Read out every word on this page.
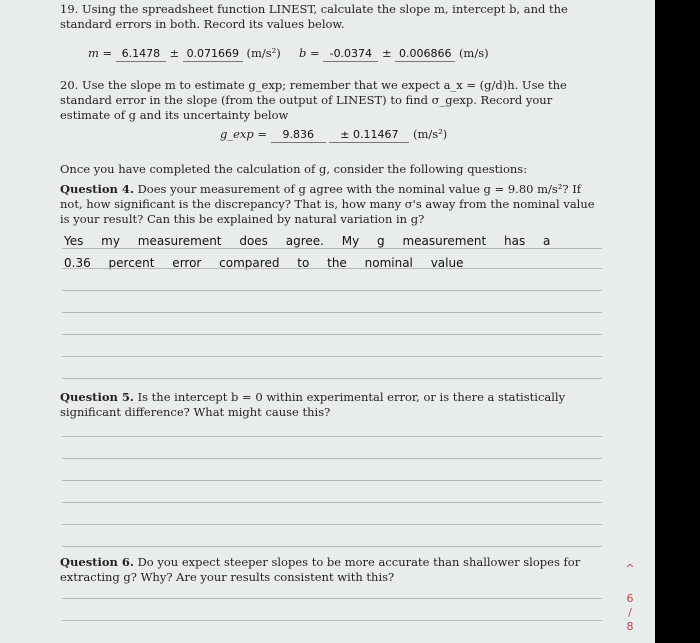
19. Using the spreadsheet function LINEST, calculate the slope m, intercept b, and the standard errors in both. Record its values below.
m = 6.1478 ± 0.071669 (m/s²) b = -0.0374 ± 0.006866 (m/s)
20. Use the slope m to estimate g_exp; remember that we expect a_x = (g/d)h. Use the standard error in the slope (from the output of LINEST) to find σ_gexp. Record your estimate of g and its uncertainty below
g_exp = 9.836 ± 0.11467 (m/s²)
Once you have completed the calculation of g, consider the following questions:
Question 4. Does your measurement of g agree with the nominal value g = 9.80 m/s²? If not, how significant is the discrepancy? That is, how many σ's away from the nominal value is your result? Can this be explained by natural variation in g?
Yes my measurement does agree. My g measurement has a
0.36 percent error compared to the nominal value
Question 5. Is the intercept b = 0 within experimental error, or is there a statistically significant difference? What might cause this?
Question 6. Do you expect steeper slopes to be more accurate than shallower slopes for extracting g? Why? Are your results consistent with this?
^
6
/
8
